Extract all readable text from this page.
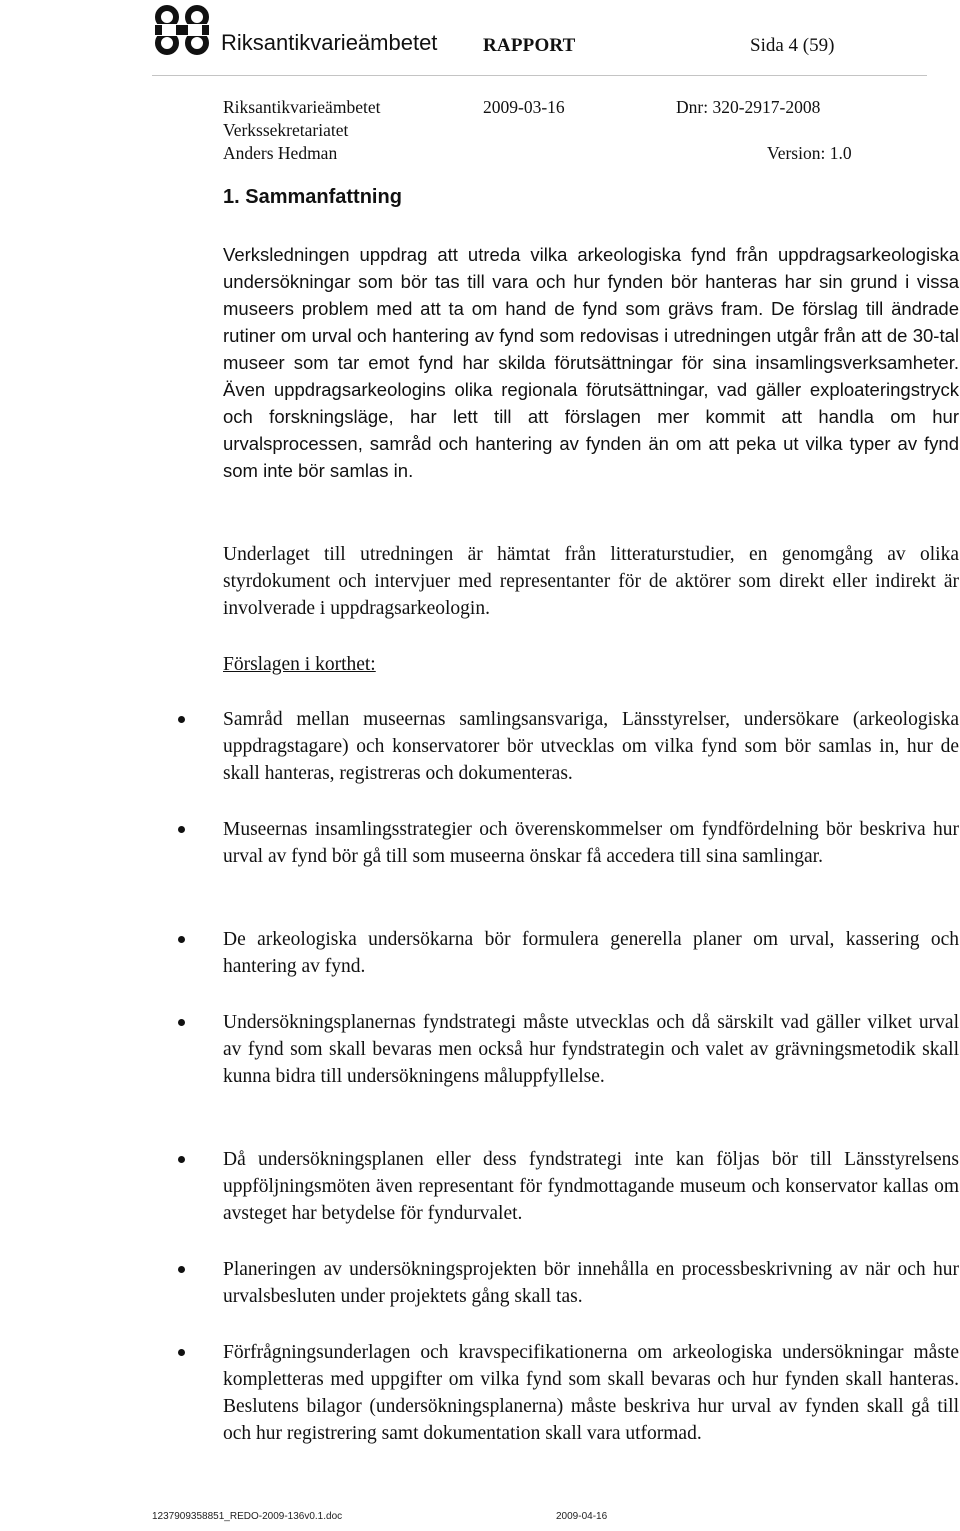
Riksantikvarieämbetet RAPPORT	Sida 4 (59)
Riksantikvarieämbetet	2009-03-16	Dnr: 320-2917-2008
Verkssekretariatet
Anders Hedman	Version: 1.0
1. Sammanfattning

Verksledningen uppdrag att utreda vilka arkeologiska fynd från uppdragsarkeologiska undersökningar som bör tas till vara och hur fynden bör hanteras har sin grund i vissa museers problem med att ta om hand de fynd som grävs fram. De förslag till ändrade rutiner om urval och hantering av fynd som redovisas i utredningen utgår från att de 30-tal museer som tar emot fynd har skilda förutsättningar för sina insamlingsverksamheter. Även uppdragsarkeologins olika regionala förutsättningar, vad gäller exploateringstryck och forskningsläge, har lett till att förslagen mer kommit att handla om hur urvalsprocessen, samråd och hantering av fynden än om att peka ut vilka typer av fynd som inte bör samlas in.

Underlaget till utredningen är hämtat från litteraturstudier, en genomgång av olika styrdokument och intervjuer med representanter för de aktörer som direkt eller indirekt är involverade i uppdragsarkeologin.

Förslagen i korthet:
Samråd mellan museernas samlingsansvariga, Länsstyrelser, undersökare (arkeologiska uppdragstagare) och konservatorer bör utvecklas om vilka fynd som bör samlas in, hur de skall hanteras, registreras och dokumenteras.
Museernas insamlingsstrategier och överenskommelser om fyndfördelning bör beskriva hur urval av fynd bör gå till som museerna önskar få accedera till sina samlingar.
De arkeologiska undersökarna bör formulera generella planer om urval, kassering och hantering av fynd.
Undersökningsplanernas fyndstrategi måste utvecklas och då särskilt vad gäller vilket urval av fynd som skall bevaras men också hur fyndstrategin och valet av grävningsmetodik skall kunna bidra till undersökningens måluppfyllelse.
Då undersökningsplanen eller dess fyndstrategi inte kan följas bör till Länsstyrelsens uppföljningsmöten även representant för fyndmottagande museum och konservator kallas om avsteget har betydelse för fyndurvalet.
Planeringen av undersökningsprojekten bör innehålla en processbeskrivning av när och hur urvalsbesluten under projektets gång skall tas.
Förfrågningsunderlagen och kravspecifikationerna om arkeologiska undersökningar måste kompletteras med uppgifter om vilka fynd som skall bevaras och hur fynden skall hanteras. Beslutens bilagor (undersökningsplanerna) måste beskriva hur urval av fynden skall gå till och hur registrering samt dokumentation skall vara utformad.
1237909358851_REDO-2009-136v0.1.doc	2009-04-16
